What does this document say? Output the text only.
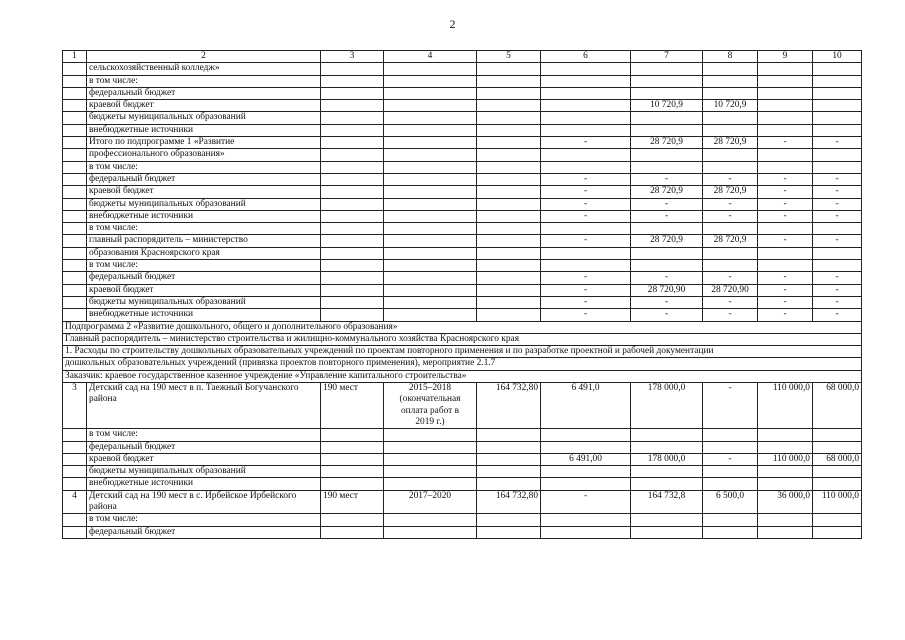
2
1	2	3	4	5	6	7	8	9	10
	сельскохозяйственный колледж»								
	в том числе:								
	федеральный бюджет								
	краевой бюджет					10 720,9	10 720,9		
	бюджеты муниципальных образований								
	внебюджетные источники								
	Итого по подпрограмме 1 «Развитие				-	28 720,9	28 720,9	-	-
	профессионального образования»								
	в том числе:								
	федеральный бюджет				-	-	-	-	-
	краевой бюджет				-	28 720,9	28 720,9	-	-
	бюджеты муниципальных образований				-	-	-	-	-
	внебюджетные источники				-	-	-	-	-
	в том числе:								
	главный распорядитель – министерство				-	28 720,9	28 720,9	-	-
	образования Красноярского края								
	в том числе:								
	федеральный бюджет				-	-	-	-	-
	краевой бюджет				-	28 720,90	28 720,90	-	-
	бюджеты муниципальных образований				-	-	-	-	-
	внебюджетные источники				-	-	-	-	-
Подпрограмма 2 «Развитие дошкольного, общего и дополнительного образования»									
Главный распорядитель – министерство строительства и жилищно-коммунального хозяйства Красноярского края									
1. Расходы по строительству дошкольных образовательных учреждений по проектам повторного применения и по разработке проектной и рабочей документации									
дошкольных образовательных учреждений (привязка проектов повторного применения), мероприятие 2.1.7									
Заказчик: краевое государственное казенное учреждение «Управление капитального строительства»									
3	Детский сад на 190 мест в п. Таежный Богучанского района	190 мест	2015–2018
(окончательная оплата работ в 2019 г.)	164 732,80	6 491,0	178 000,0	-	110 000,0	68 000,0
	в том числе:								
	федеральный бюджет								
	краевой бюджет				6 491,00	178 000,0	-	110 000,0	68 000,0
	бюджеты муниципальных образований								
	внебюджетные источники								
4	Детский сад на 190 мест в с. Ирбейское Ирбейского района	190 мест	2017–2020	164 732,80	-	164 732,8	6 500,0	36 000,0	110 000,0
	в том числе:								
	федеральный бюджет								
